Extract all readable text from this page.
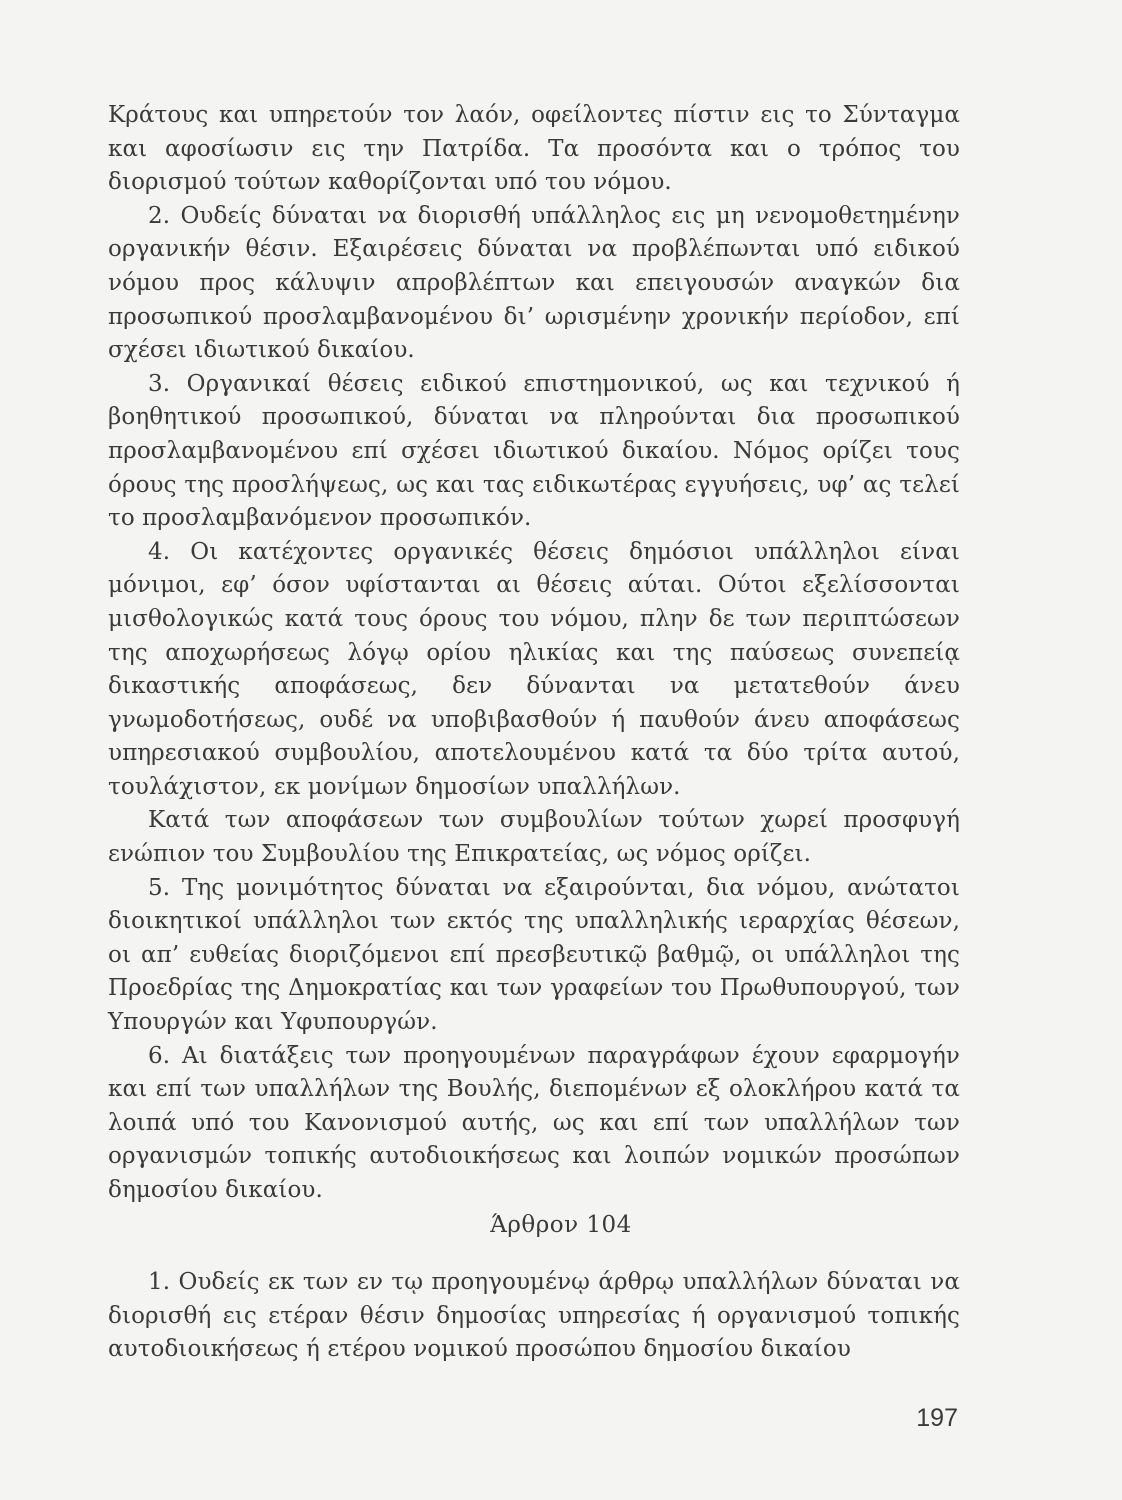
Κράτους και υπηρετούν τον λαόν, οφείλοντες πίστιν εις το Σύνταγμα και αφοσίωσιν εις την Πατρίδα. Τα προσόντα και ο τρόπος του διορισμού τούτων καθορίζονται υπό του νόμου.

2. Ουδείς δύναται να διορισθή υπάλληλος εις μη νενομοθετημένην οργανικήν θέσιν. Εξαιρέσεις δύναται να προβλέπωνται υπό ειδικού νόμου προς κάλυψιν απροβλέπτων και επειγουσών αναγκών δια προσωπικού προσλαμβανομένου δι’ ωρισμένην χρονικήν περίοδον, επί σχέσει ιδιωτικού δικαίου.

3. Οργανικαί θέσεις ειδικού επιστημονικού, ως και τεχνικού ή βοηθητικού προσωπικού, δύναται να πληρούνται δια προσωπικού προσλαμβανομένου επί σχέσει ιδιωτικού δικαίου. Νόμος ορίζει τους όρους της προσλήψεως, ως και τας ειδικωτέρας εγγυήσεις, υφ’ ας τελεί το προσλαμβανόμενον προσωπικόν.

4. Οι κατέχοντες οργανικές θέσεις δημόσιοι υπάλληλοι είναι μόνιμοι, εφ’ όσον υφίστανται αι θέσεις αύται. Ούτοι εξελίσσονται μισθολογικώς κατά τους όρους του νόμου, πλην δε των περιπτώσεων της αποχωρήσεως λόγῳ ορίου ηλικίας και της παύσεως συνεπείᾳ δικαστικής αποφάσεως, δεν δύνανται να μετατεθούν άνευ γνωμοδοτήσεως, ουδέ να υποβιβασθούν ή παυθούν άνευ αποφάσεως υπηρεσιακού συμβουλίου, αποτελουμένου κατά τα δύο τρίτα αυτού, τουλάχιστον, εκ μονίμων δημοσίων υπαλλήλων.

Κατά των αποφάσεων των συμβουλίων τούτων χωρεί προσφυγή ενώπιον του Συμβουλίου της Επικρατείας, ως νόμος ορίζει.

5. Της μονιμότητος δύναται να εξαιρούνται, δια νόμου, ανώτατοι διοικητικοί υπάλληλοι των εκτός της υπαλληλικής ιεραρχίας θέσεων, οι απ’ ευθείας διοριζόμενοι επί πρεσβευτικῷ βαθμῷ, οι υπάλληλοι της Προεδρίας της Δημοκρατίας και των γραφείων του Πρωθυπουργού, των Υπουργών και Υφυπουργών.

6. Αι διατάξεις των προηγουμένων παραγράφων έχουν εφαρμογήν και επί των υπαλλήλων της Βουλής, διεπομένων εξ ολοκλήρου κατά τα λοιπά υπό του Κανονισμού αυτής, ως και επί των υπαλλήλων των οργανισμών τοπικής αυτοδιοικήσεως και λοιπών νομικών προσώπων δημοσίου δικαίου.

Άρθρον 104

1. Ουδείς εκ των εν τῳ προηγουμένῳ άρθρῳ υπαλλήλων δύναται να διορισθή εις ετέραν θέσιν δημοσίας υπηρεσίας ή οργανισμού τοπικής αυτοδιοικήσεως ή ετέρου νομικού προσώπου δημοσίου δικαίου

197
